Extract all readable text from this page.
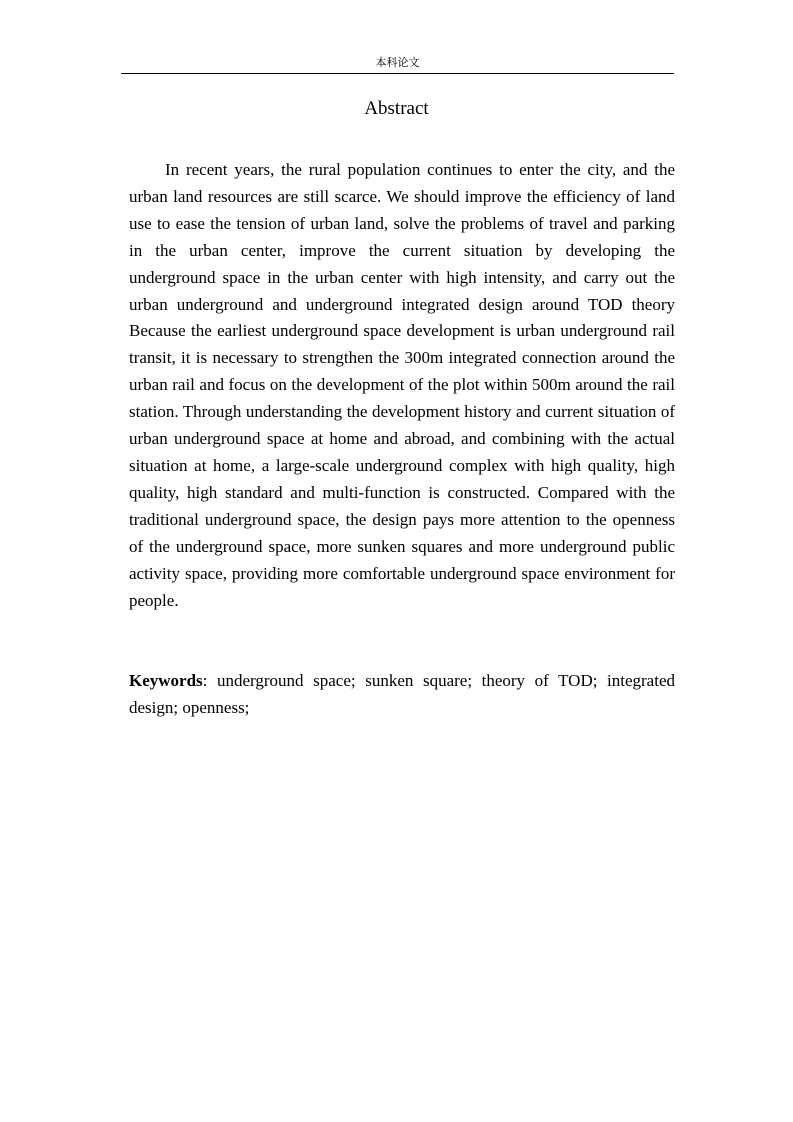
本科论文
Abstract

In recent years, the rural population continues to enter the city, and the urban land resources are still scarce. We should improve the efficiency of land use to ease the tension of urban land, solve the problems of travel and parking in the urban center, improve the current situation by developing the underground space in the urban center with high intensity, and carry out the urban underground and underground integrated design around TOD theory Because the earliest underground space development is urban underground rail transit, it is necessary to strengthen the 300m integrated connection around the urban rail and focus on the development of the plot within 500m around the rail station. Through understanding the development history and current situation of urban underground space at home and abroad, and combining with the actual situation at home, a large-scale underground complex with high quality, high quality, high standard and multi-function is constructed. Compared with the traditional underground space, the design pays more attention to the openness of the underground space, more sunken squares and more underground public activity space, providing more comfortable underground space environment for people.

Keywords: underground space; sunken square; theory of TOD; integrated design; openness;
